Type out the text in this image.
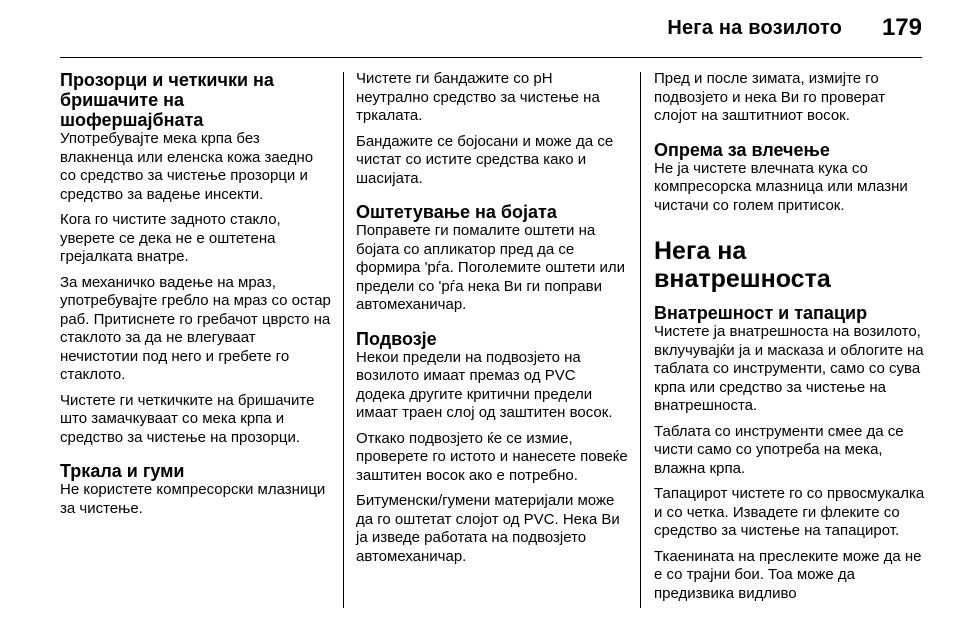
Нега на возилото 179
Прозорци и четкички на бришачите на шофершајбната

Употребувајте мека крпа без влакненца или еленска кожа заедно со средство за чистење прозорци и средство за вадење инсекти.

Кога го чистите задното стакло, уверете се дека не е оштетена грејалката внатре.

За механичко вадење на мраз, употребувајте гребло на мраз со остар раб. Притиснете го гребачот цврсто на стаклото за да не влегуваат нечистотии под него и гребете го стаклото.

Чистете ги четкичките на бришачите што замачкуваат со мека крпа и средство за чистење на прозорци.

Тркала и гуми

Не користете компресорски млазници за чистење.

Чистете ги бандажите со pH неутрално средство за чистење на тркалата.

Бандажите се бојосани и може да се чистат со истите средства како и шасијата.

Оштетување на бојата

Поправете ги помалите оштети на бојата со апликатор пред да се формира 'рѓа. Поголемите оштети или предели со 'рѓа нека Ви ги поправи автомеханичар.

Подвозје

Некои предели на подвозјето на возилото имаат премаз од PVC додека другите критични предели имаат траен слој од заштитен восок.

Откако подвозјето ќе се измие, проверете го истото и нанесете повеќе заштитен восок ако е потребно.

Битуменски/гумени материјали може да го оштетат слојот од PVC. Нека Ви ја изведе работата на подвозјето автомеханичар.

Пред и после зимата, измијте го подвозјето и нека Ви го проверат слојот на заштитниот восок.

Опрема за влечење

Не ја чистете влечната кука со компресорска млазница или млазни чистачи со голем притисок.

Нега на внатрешноста
Внатрешност и тапацир

Чистете ја внатрешноста на возилото, вклучувајќи ја и масказа и облогите на таблата со инструменти, само со сува крпа или средство за чистење на внатрешноста.

Таблата со инструменти смее да се чисти само со употреба на мека, влажна крпа.

Тапацирот чистете го со првосмукалка и со четка. Извадете ги флеките со средство за чистење на тапацирот.

Ткаенината на преслеките може да не е со трајни бои. Тоа може да предизвика видливо
